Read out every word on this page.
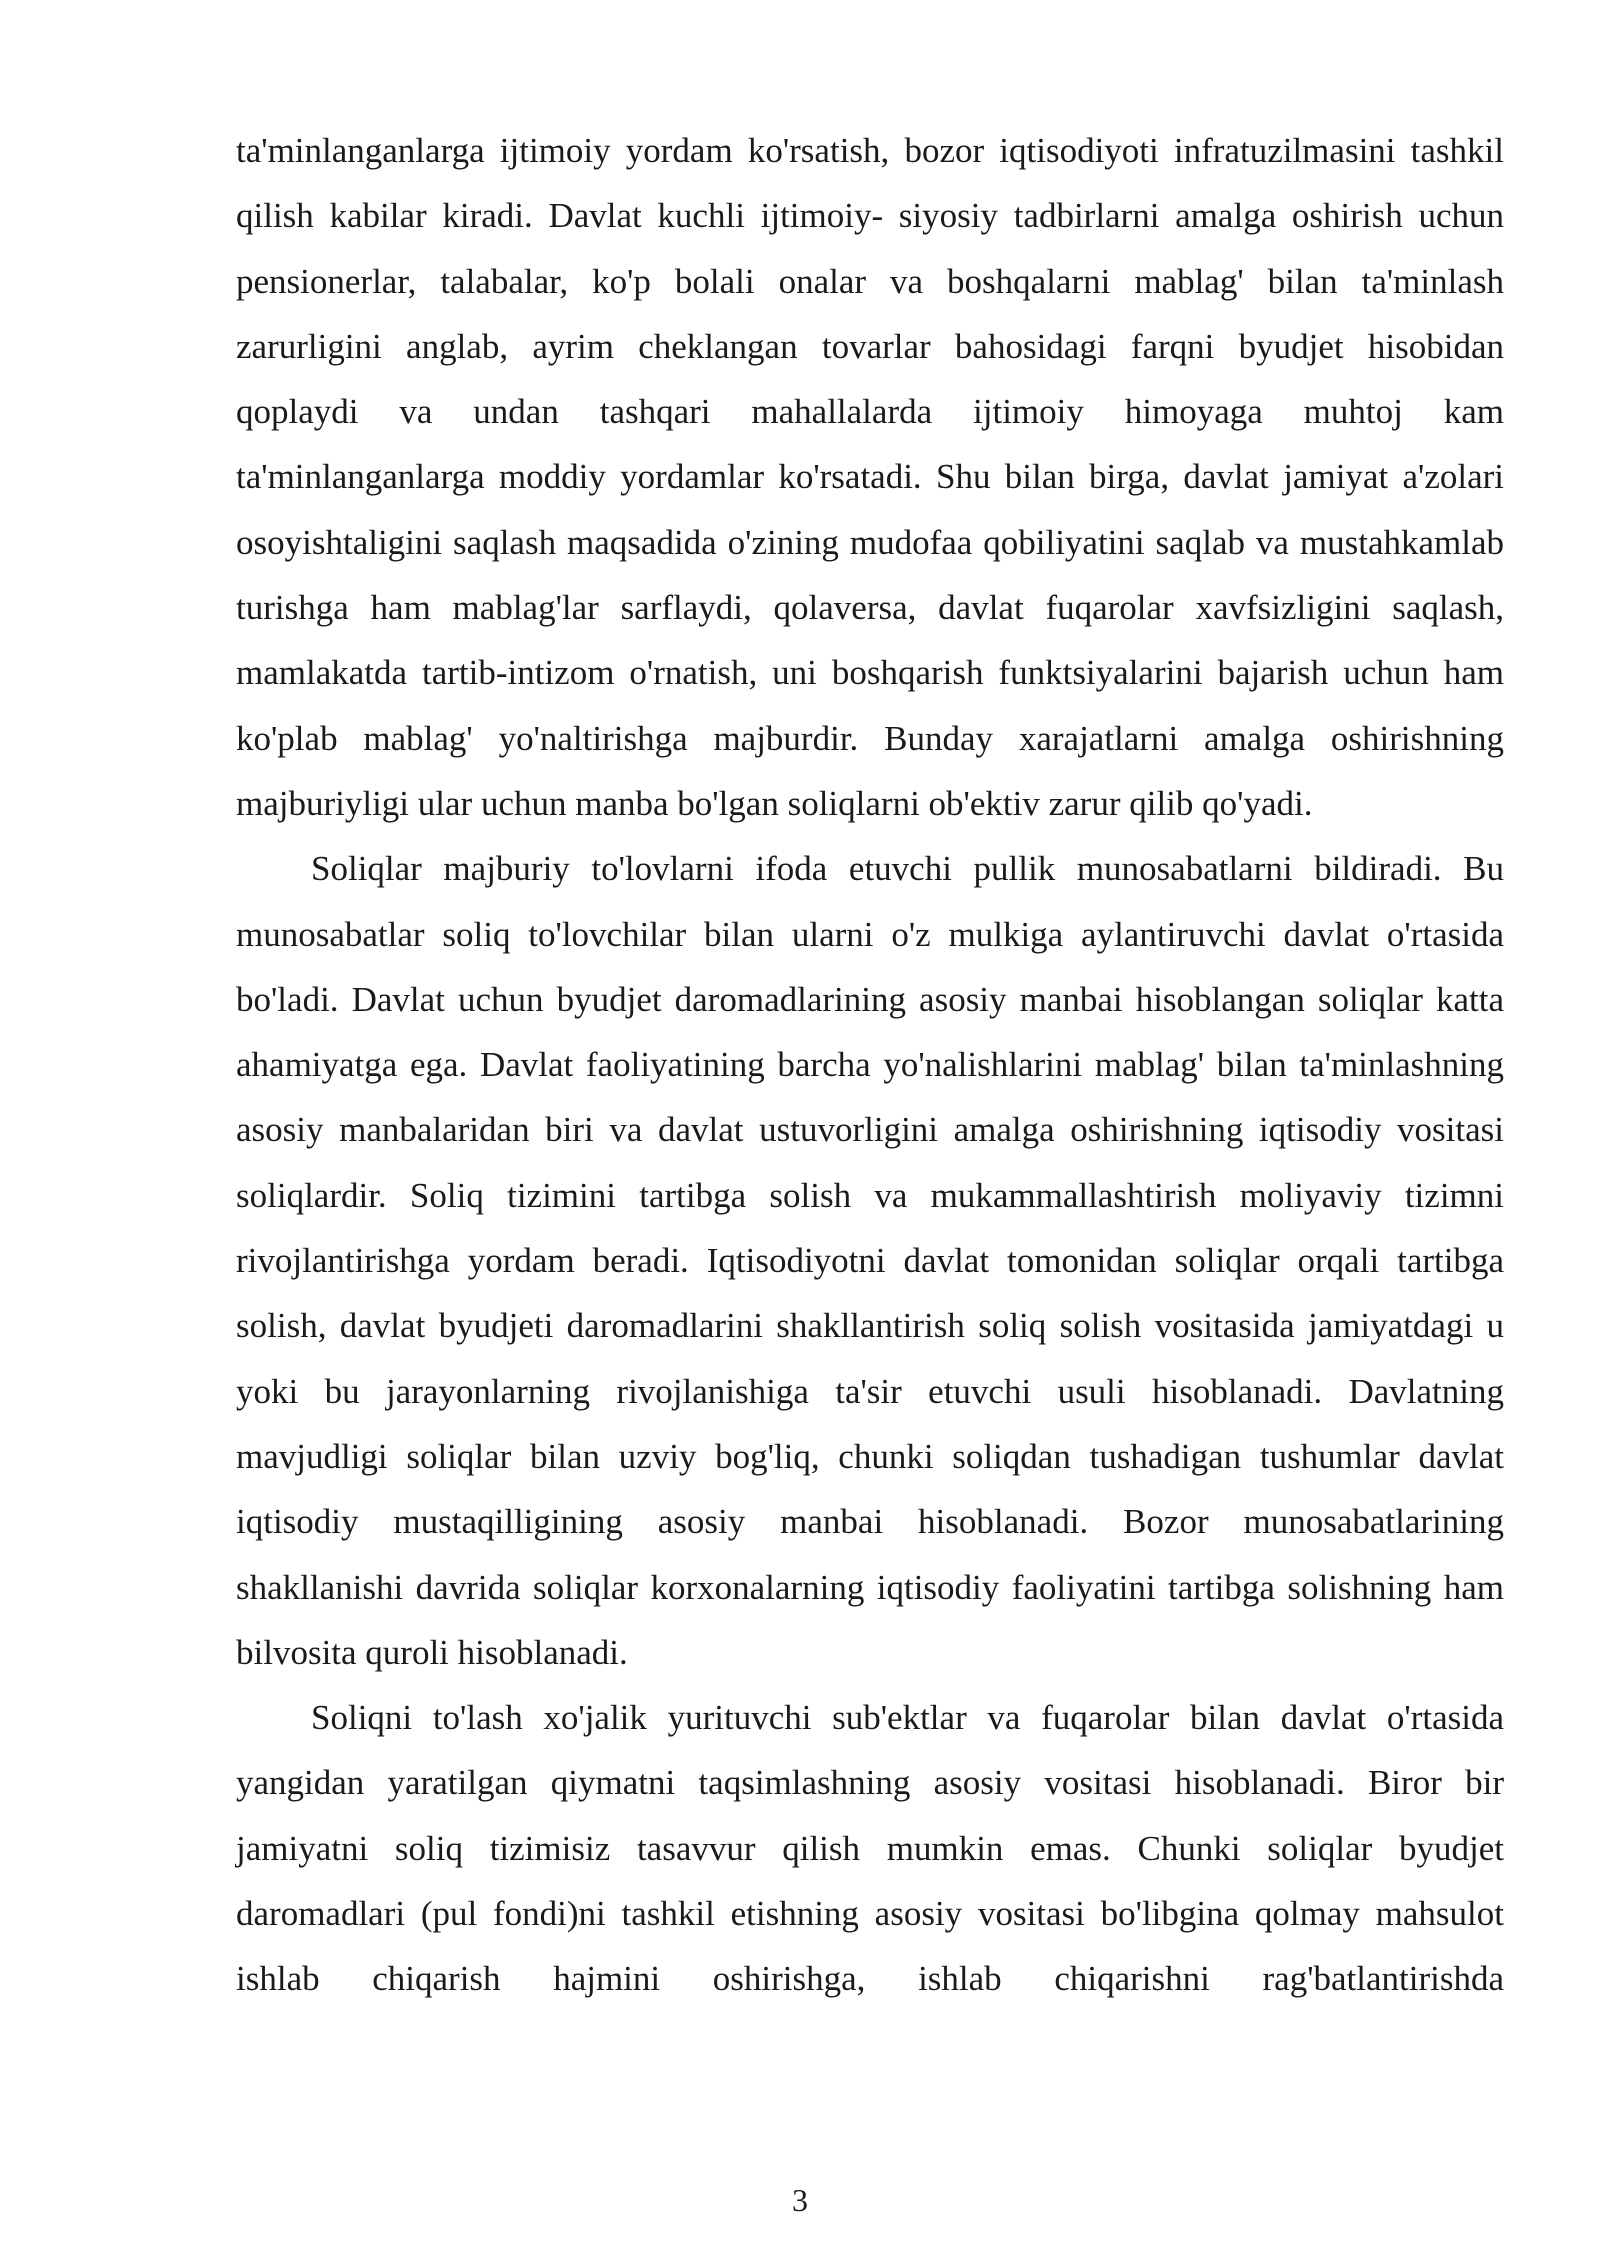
ta'minlanganlarga ijtimoiy yordam ko'rsatish, bozor iqtisodiyoti infratuzilmasini tashkil qilish kabilar kiradi. Davlat kuchli ijtimoiy- siyosiy tadbirlarni amalga oshirish uchun pensionerlar, talabalar, ko'p bolali onalar va boshqalarni mablag' bilan ta'minlash zarurligini anglab, ayrim cheklangan tovarlar bahosidagi farqni byudjet hisobidan qoplaydi va undan tashqari mahallalarda ijtimoiy himoyaga muhtoj kam ta'minlanganlarga moddiy yordamlar ko'rsatadi. Shu bilan birga, davlat jamiyat a'zolari osoyishtaligini saqlash maqsadida o'zining mudofaa qobiliyatini saqlab va mustahkamlab turishga ham mablag'lar sarflaydi, qolaversa, davlat fuqarolar xavfsizligini saqlash, mamlakatda tartib-intizom o'rnatish, uni boshqarish funktsiyalarini bajarish uchun ham ko'plab mablag' yo'naltirishga majburdir. Bunday xarajatlarni amalga oshirishning majburiyligi ular uchun manba bo'lgan soliqlarni ob'ektiv zarur qilib qo'yadi.

Soliqlar majburiy to'lovlarni ifoda etuvchi pullik munosabatlarni bildiradi. Bu munosabatlar soliq to'lovchilar bilan ularni o'z mulkiga aylantiruvchi davlat o'rtasida bo'ladi. Davlat uchun byudjet daromadlarining asosiy manbai hisoblangan soliqlar katta ahamiyatga ega. Davlat faoliyatining barcha yo'nalishlarini mablag' bilan ta'minlashning asosiy manbalaridan biri va davlat ustuvorligini amalga oshirishning iqtisodiy vositasi soliqlardir. Soliq tizimini tartibga solish va mukammallashtirish moliyaviy tizimni rivojlantirishga yordam beradi. Iqtisodiyotni davlat tomonidan soliqlar orqali tartibga solish, davlat byudjeti daromadlarini shakllantirish soliq solish vositasida jamiyatdagi u yoki bu jarayonlarning rivojlanishiga ta'sir etuvchi usuli hisoblanadi. Davlatning mavjudligi soliqlar bilan uzviy bog'liq, chunki soliqdan tushadigan tushumlar davlat iqtisodiy mustaqilligining asosiy manbai hisoblanadi. Bozor munosabatlarining shakllanishi davrida soliqlar korxonalarning iqtisodiy faoliyatini tartibga solishning ham bilvosita quroli hisoblanadi.

Soliqni to'lash xo'jalik yurituvchi sub'ektlar va fuqarolar bilan davlat o'rtasida yangidan yaratilgan qiymatni taqsimlashning asosiy vositasi hisoblanadi. Biror bir jamiyatni soliq tizimisiz tasavvur qilish mumkin emas. Chunki soliqlar byudjet daromadlari (pul fondi)ni tashkil etishning asosiy vositasi bo'libgina qolmay mahsulot ishlab chiqarish hajmini oshirishga, ishlab chiqarishni rag'batlantirishda

3
